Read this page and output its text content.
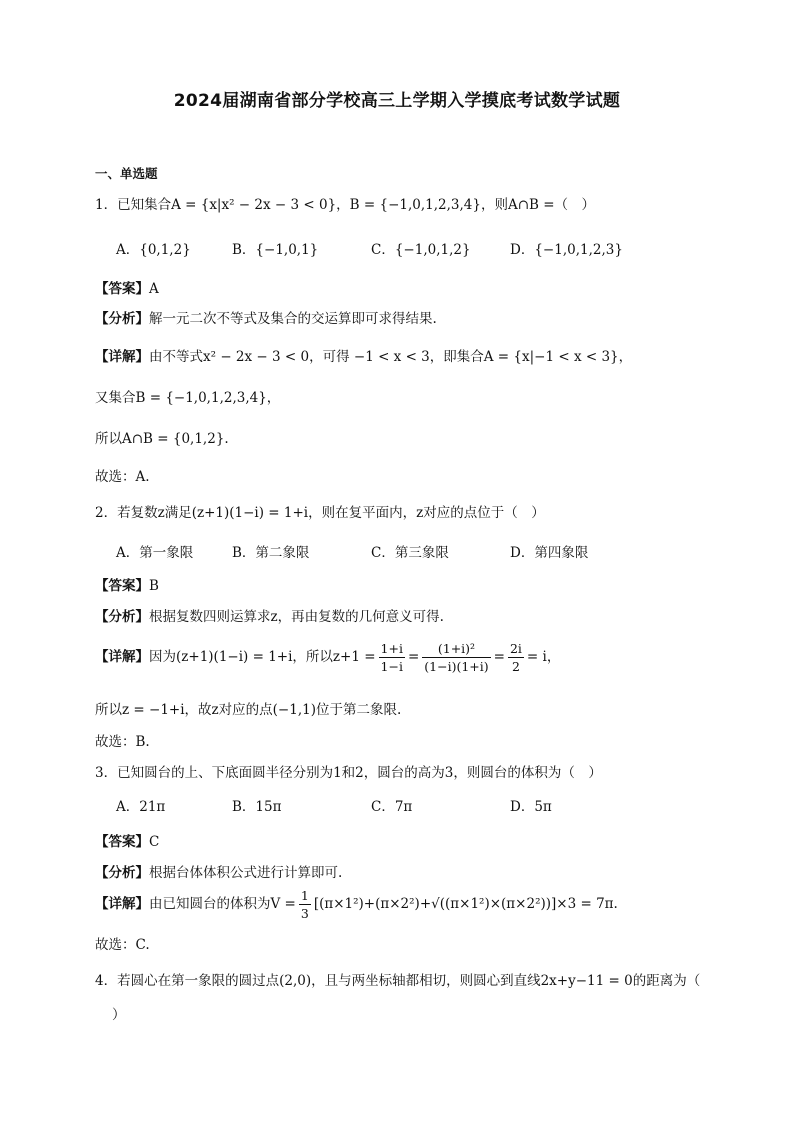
2024届湖南省部分学校高三上学期入学摸底考试数学试题
一、单选题
1．已知集合A = {x|x² − 2x − 3 < 0}，B = {−1,0,1,2,3,4}，则A∩B =（　）
A．{0,1,2}	B．{−1,0,1}	C．{−1,0,1,2}	D．{−1,0,1,2,3}
【答案】A
【分析】解一元二次不等式及集合的交运算即可求得结果.
【详解】由不等式x² − 2x − 3 < 0，可得 −1 < x < 3，即集合A = {x|−1 < x < 3}，
又集合B = {−1,0,1,2,3,4}，
所以A∩B = {0,1,2}.
故选：A.
2．若复数z满足(z+1)(1−i) = 1+i，则在复平面内，z对应的点位于（　）
A．第一象限	B．第二象限	C．第三象限	D．第四象限
【答案】B
【分析】根据复数四则运算求z，再由复数的几何意义可得.
【详解】因为(z+1)(1−i) = 1+i，所以$z+1 = \frac{1+i}{1-i} = \frac{\text{(1+i)²}}{(1-i)(1+i)} = \frac{2i}{2} = i$，
所以z = −1+i，故z对应的点(−1,1)位于第二象限.
故选：B.
3．已知圆台的上、下底面圆半径分别为1和2，圆台的高为3，则圆台的体积为（　）
A．21π	B．15π	C．7π	D．5π
【答案】C
【分析】根据台体体积公式进行计算即可.
【详解】由已知圆台的体积为$V = \frac{1}{3} [(\pi\times 1^2)+(\pi\times 2^2)+√((\pi\times 1^2)\times(\pi\times 2^2))]\times 3 = 7\pi$.
故选：C.
4．若圆心在第一象限的圆过点(2,0)，且与两坐标轴都相切，则圆心到直线2x+y−11 = 0的距离为（
）
